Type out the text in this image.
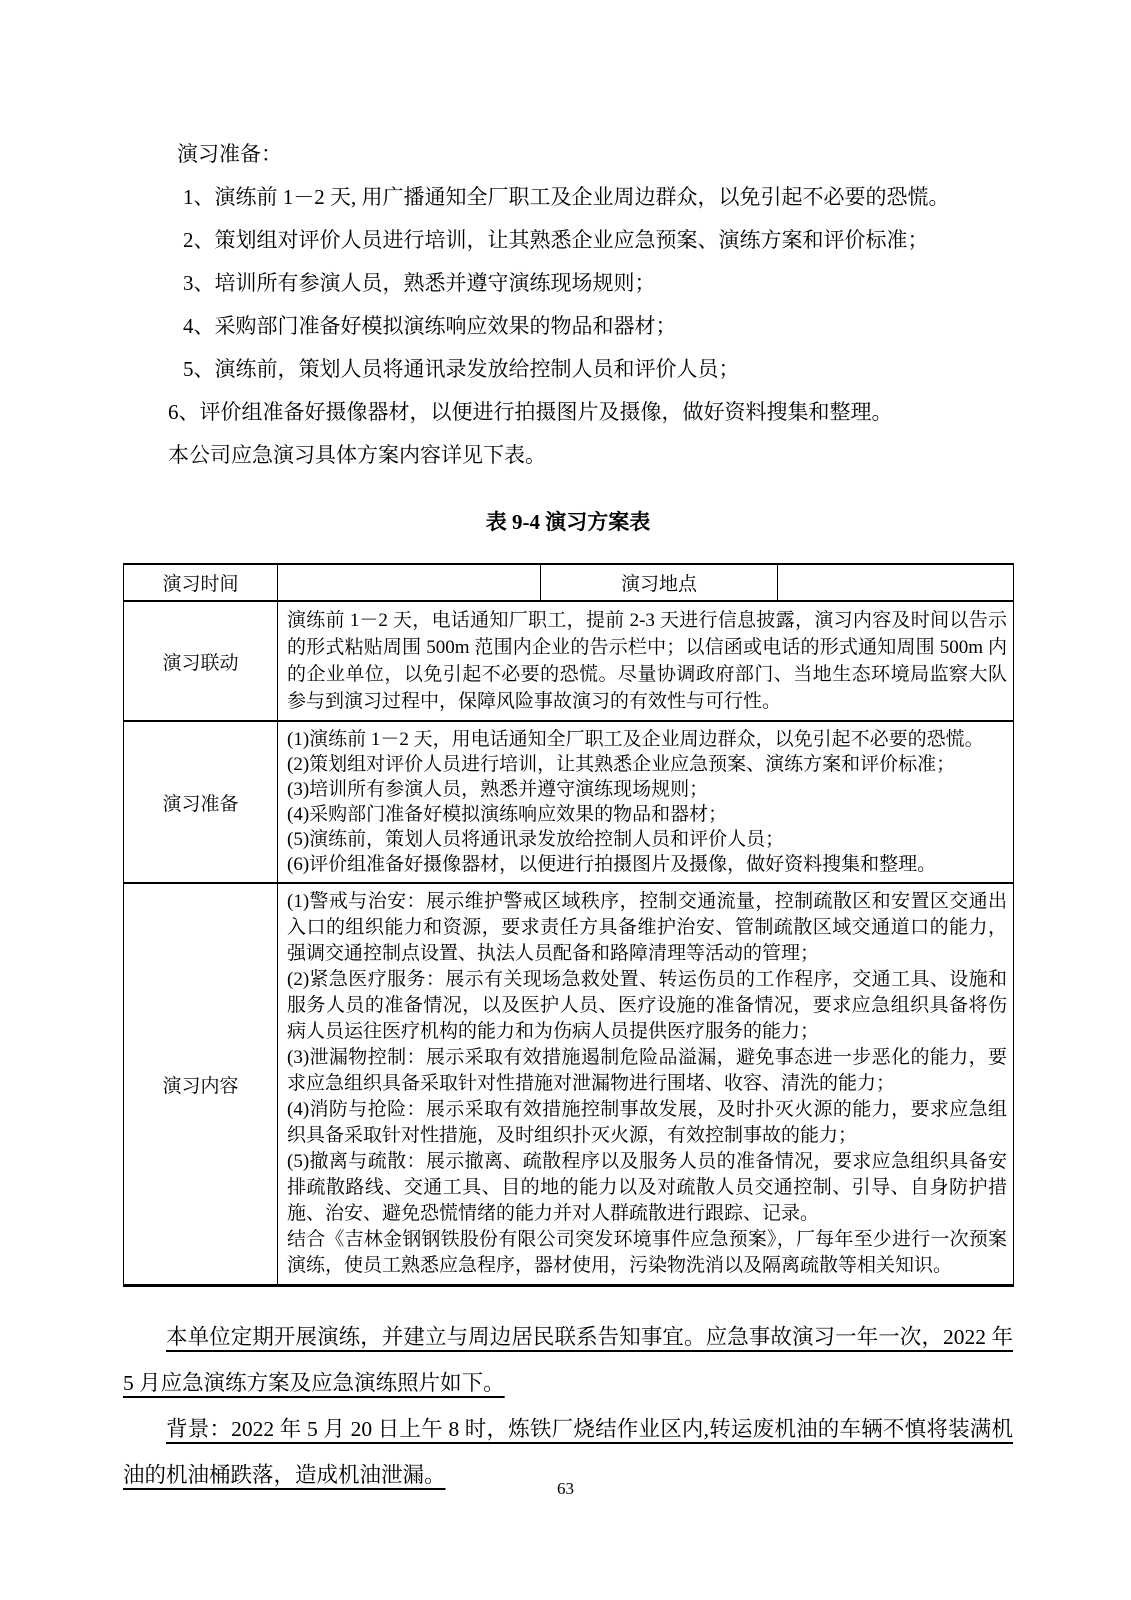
演习准备：
1、演练前 1－2 天, 用广播通知全厂职工及企业周边群众，以免引起不必要的恐慌。
2、策划组对评价人员进行培训，让其熟悉企业应急预案、演练方案和评价标准；
3、培训所有参演人员，熟悉并遵守演练现场规则；
4、采购部门准备好模拟演练响应效果的物品和器材；
5、演练前，策划人员将通讯录发放给控制人员和评价人员；
6、评价组准备好摄像器材，以便进行拍摄图片及摄像，做好资料搜集和整理。
本公司应急演习具体方案内容详见下表。
表 9-4 演习方案表
演习时间		演习地点	
演习联动	演练前 1－2 天，电话通知厂职工，提前 2-3 天进行信息披露，演习内容及时间以告示的形式粘贴周围 500m 范围内企业的告示栏中；以信函或电话的形式通知周围 500m 内的企业单位，以免引起不必要的恐慌。尽量协调政府部门、当地生态环境局监察大队参与到演习过程中，保障风险事故演习的有效性与可行性。		

演习准备	
(1)演练前 1－2 天，用电话通知全厂职工及企业周边群众，以免引起不必要的恐慌。
(2)策划组对评价人员进行培训，让其熟悉企业应急预案、演练方案和评价标准；
(3)培训所有参演人员，熟悉并遵守演练现场规则；
(4)采购部门准备好模拟演练响应效果的物品和器材；
(5)演练前，策划人员将通讯录发放给控制人员和评价人员；
(6)评价组准备好摄像器材，以便进行拍摄图片及摄像，做好资料搜集和整理。

演习内容	
(1)警戒与治安：展示维护警戒区域秩序，控制交通流量，控制疏散区和安置区交通出入口的组织能力和资源，要求责任方具备维护治安、管制疏散区域交通道口的能力，强调交通控制点设置、执法人员配备和路障清理等活动的管理；
(2)紧急医疗服务：展示有关现场急救处置、转运伤员的工作程序，交通工具、设施和服务人员的准备情况，以及医护人员、医疗设施的准备情况，要求应急组织具备将伤病人员运往医疗机构的能力和为伤病人员提供医疗服务的能力；
(3)泄漏物控制：展示采取有效措施遏制危险品溢漏，避免事态进一步恶化的能力，要求应急组织具备采取针对性措施对泄漏物进行围堵、收容、清洗的能力；
(4)消防与抢险：展示采取有效措施控制事故发展，及时扑灭火源的能力，要求应急组织具备采取针对性措施，及时组织扑灭火源，有效控制事故的能力；
(5)撤离与疏散：展示撤离、疏散程序以及服务人员的准备情况，要求应急组织具备安排疏散路线、交通工具、目的地的能力以及对疏散人员交通控制、引导、自身防护措施、治安、避免恐慌情绪的能力并对人群疏散进行跟踪、记录。
结合《吉林金钢钢铁股份有限公司突发环境事件应急预案》，厂每年至少进行一次预案演练，使员工熟悉应急程序，器材使用，污染物洗消以及隔离疏散等相关知识。

本单位定期开展演练，并建立与周边居民联系告知事宜。应急事故演习一年一次，2022 年 5 月应急演练方案及应急演练照片如下。

背景：2022 年 5 月 20 日上午 8 时，炼铁厂烧结作业区内,转运废机油的车辆不慎将装满机油的机油桶跌落，造成机油泄漏。

63
